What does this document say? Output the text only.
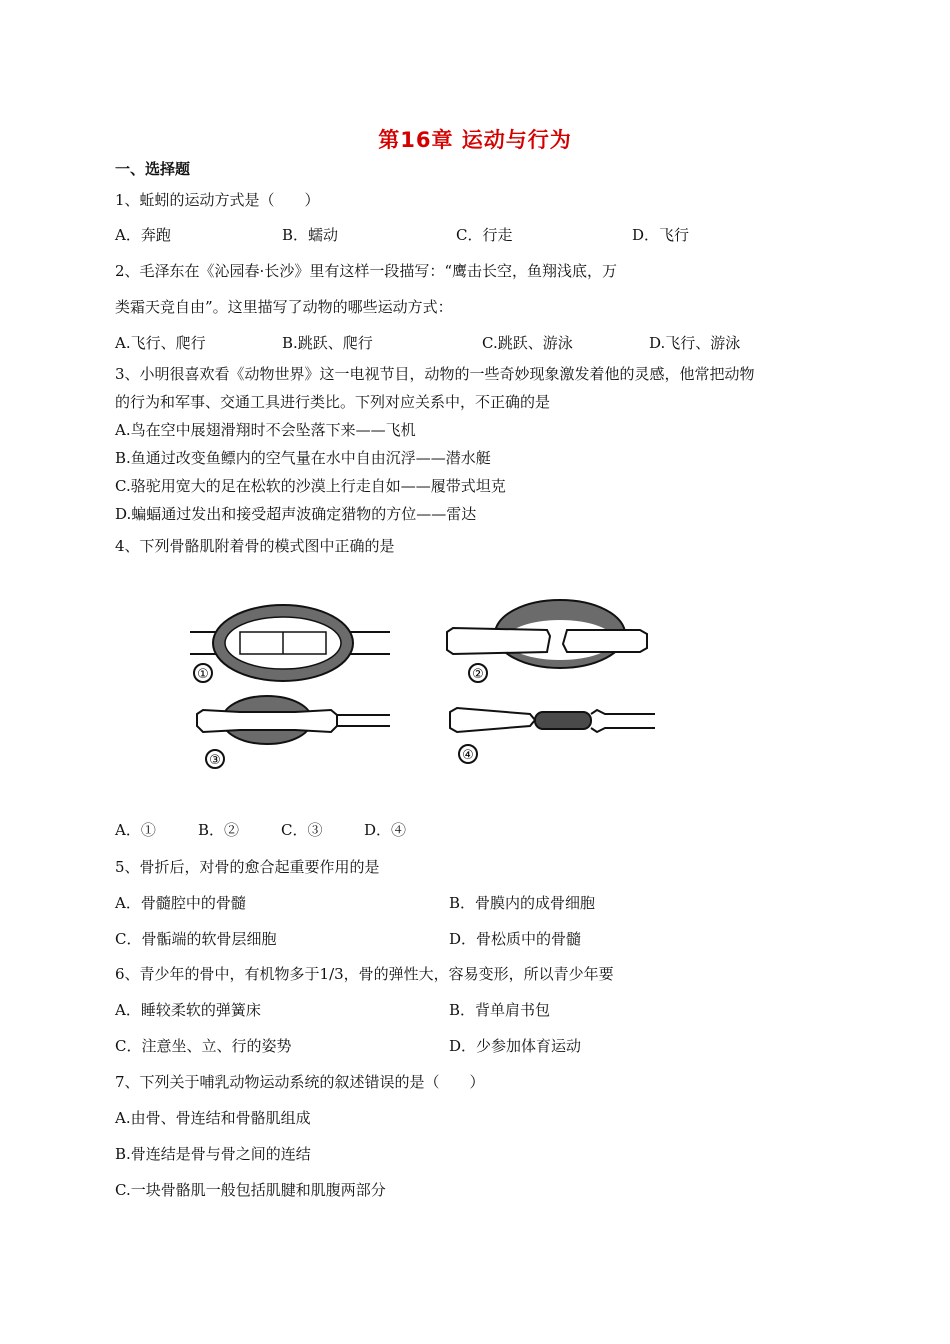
第16章 运动与行为
一、选择题
1、蚯蚓的运动方式是（　　）
A．奔跑	B．蠕动	C．行走	D．飞行
2、毛泽东在《沁园春·长沙》里有这样一段描写：“鹰击长空，鱼翔浅底，万
类霜天竞自由”。这里描写了动物的哪些运动方式：
A.飞行、爬行	B.跳跃、爬行	C.跳跃、游泳	D.飞行、游泳
3、小明很喜欢看《动物世界》这一电视节目，动物的一些奇妙现象激发着他的灵感，他常把动物
的行为和军事、交通工具进行类比。下列对应关系中，不正确的是
A.鸟在空中展翅滑翔时不会坠落下来——飞机
B.鱼通过改变鱼鳔内的空气量在水中自由沉浮——潜水艇
C.骆驼用宽大的足在松软的沙漠上行走自如——履带式坦克
D.蝙蝠通过发出和接受超声波确定猎物的方位——雷达
4、下列骨骼肌附着骨的模式图中正确的是
①	②
③	④
A．①	B．②	C．③	D．④
5、骨折后，对骨的愈合起重要作用的是
A．骨髓腔中的骨髓	B．骨膜内的成骨细胞
C．骨骺端的软骨层细胞	D．骨松质中的骨髓
6、青少年的骨中，有机物多于1/3，骨的弹性大，容易变形，所以青少年要
A．睡较柔软的弹簧床	B．背单肩书包
C．注意坐、立、行的姿势	D．少参加体育运动
7、下列关于哺乳动物运动系统的叙述错误的是（　　）
A.由骨、骨连结和骨骼肌组成
B.骨连结是骨与骨之间的连结
C.一块骨骼肌一般包括肌腱和肌腹两部分
